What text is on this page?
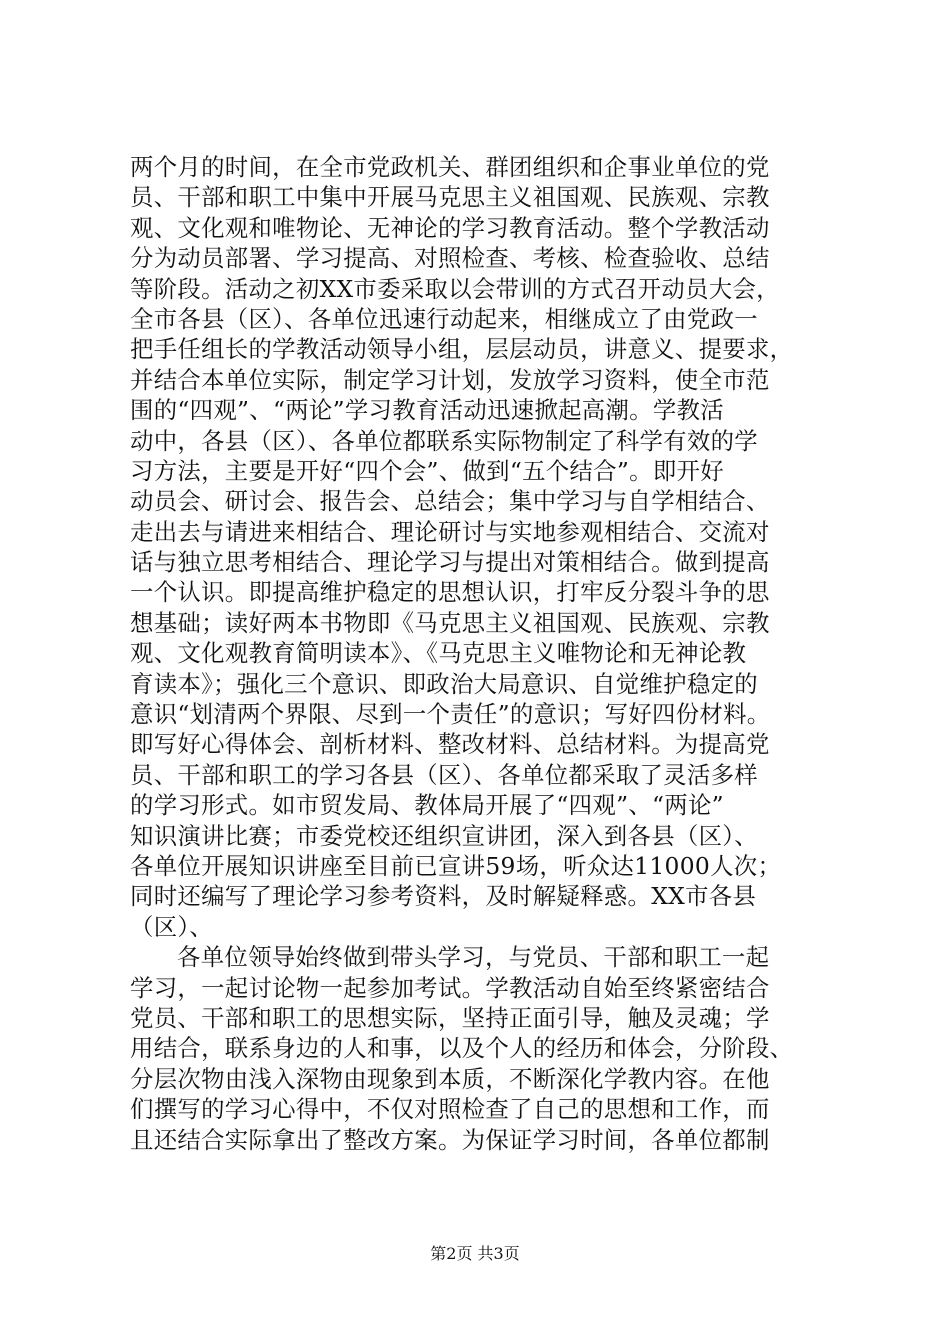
两个月的时间，在全市党政机关、群团组织和企事业单位的党
员、干部和职工中集中开展马克思主义祖国观、民族观、宗教
观、文化观和唯物论、无神论的学习教育活动。整个学教活动
分为动员部署、学习提高、对照检查、考核、检查验收、总结
等阶段。活动之初XX市委采取以会带训的方式召开动员大会，
全市各县（区）、各单位迅速行动起来，相继成立了由党政一
把手任组长的学教活动领导小组，层层动员，讲意义、提要求，
并结合本单位实际，制定学习计划，发放学习资料，使全市范
围的“四观”、“两论”学习教育活动迅速掀起高潮。学教活
动中，各县（区）、各单位都联系实际物制定了科学有效的学
习方法，主要是开好“四个会”、做到“五个结合”。即开好
动员会、研讨会、报告会、总结会；集中学习与自学相结合、
走出去与请进来相结合、理论研讨与实地参观相结合、交流对
话与独立思考相结合、理论学习与提出对策相结合。做到提高
一个认识。即提高维护稳定的思想认识，打牢反分裂斗争的思
想基础；读好两本书物即《马克思主义祖国观、民族观、宗教
观、文化观教育简明读本》、《马克思主义唯物论和无神论教
育读本》；强化三个意识、即政治大局意识、自觉维护稳定的
意识“划清两个界限、尽到一个责任”的意识；写好四份材料。
即写好心得体会、剖析材料、整改材料、总结材料。为提高党
员、干部和职工的学习各县（区）、各单位都采取了灵活多样
的学习形式。如市贸发局、教体局开展了“四观”、“两论”
知识演讲比赛；市委党校还组织宣讲团，深入到各县（区）、
各单位开展知识讲座至目前已宣讲59场，听众达11000人次；
同时还编写了理论学习参考资料，及时解疑释惑。XX市各县
（区）、
各单位领导始终做到带头学习，与党员、干部和职工一起
学习，一起讨论物一起参加考试。学教活动自始至终紧密结合
党员、干部和职工的思想实际，坚持正面引导，触及灵魂；学
用结合，联系身边的人和事，以及个人的经历和体会，分阶段、
分层次物由浅入深物由现象到本质，不断深化学教内容。在他
们撰写的学习心得中，不仅对照检查了自己的思想和工作，而
且还结合实际拿出了整改方案。为保证学习时间，各单位都制
第2页 共3页
